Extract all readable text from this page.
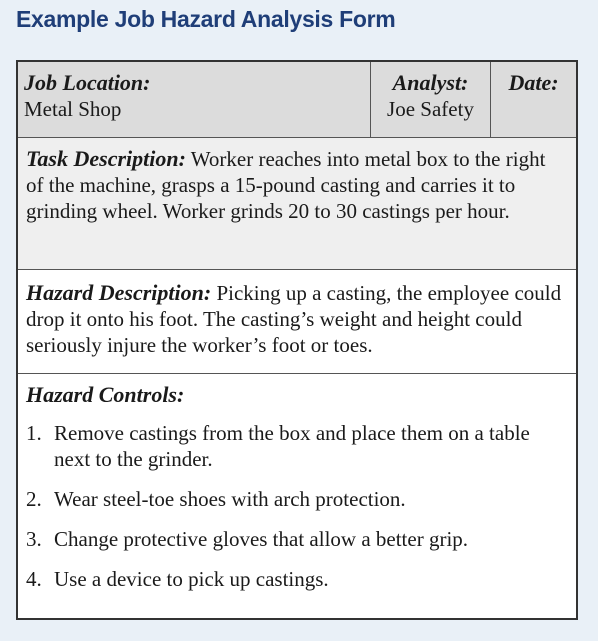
Example Job Hazard Analysis Form
Job Location:
Metal Shop
Analyst:
Joe Safety
Date:
Task Description: Worker reaches into metal box to the right of the machine, grasps a 15-pound casting and carries it to grinding wheel. Worker grinds 20 to 30 castings per hour.
Hazard Description: Picking up a casting, the employee could drop it onto his foot. The casting’s weight and height could seriously injure the worker’s foot or toes.
Hazard Controls:
1. Remove castings from the box and place them on a table next to the grinder.
2. Wear steel-toe shoes with arch protection.
3. Change protective gloves that allow a better grip.
4. Use a device to pick up castings.
